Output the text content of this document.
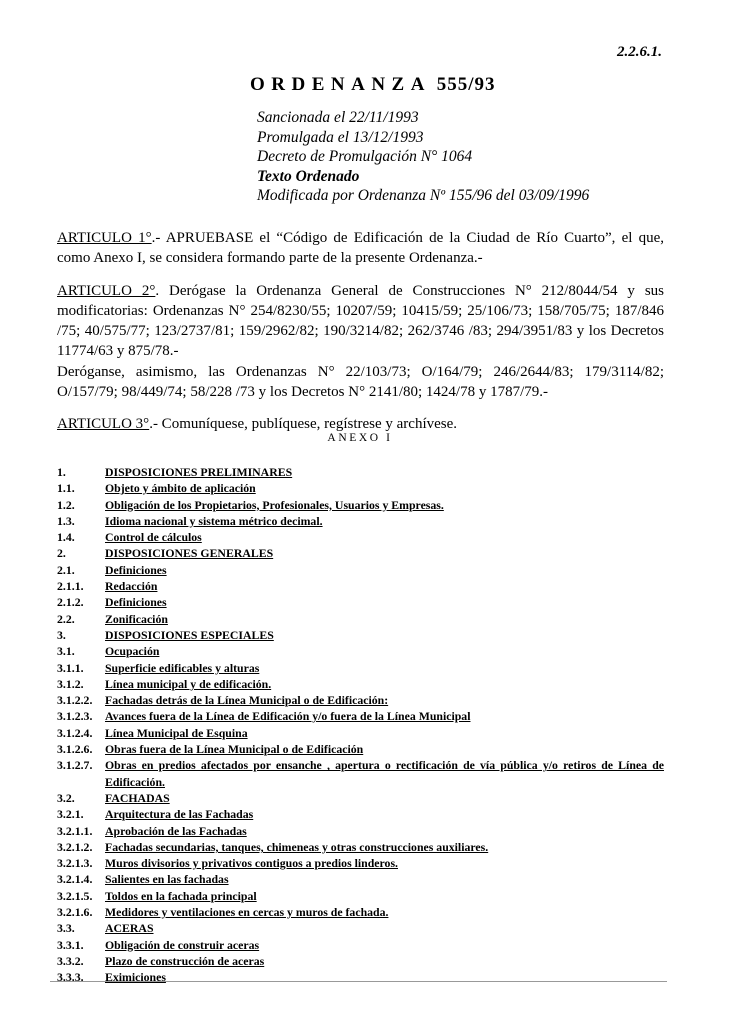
2.2.6.1.
ORDENANZA 555/93
Sancionada el 22/11/1993
Promulgada el 13/12/1993
Decreto de Promulgación N° 1064
Texto Ordenado
Modificada por Ordenanza Nº 155/96 del 03/09/1996

ARTICULO 1°.- APRUEBASE el “Código de Edificación de la Ciudad de Río Cuarto”, el que, como Anexo I, se considera formando parte de la presente Ordenanza.-

ARTICULO 2°. Derógase la Ordenanza General de Construcciones N° 212/8044/54 y sus modificatorias: Ordenanzas N° 254/8230/55; 10207/59; 10415/59; 25/106/73; 158/705/75; 187/846 /75; 40/575/77; 123/2737/81; 159/2962/82; 190/3214/82; 262/3746 /83; 294/3951/83 y los Decretos 11774/63 y 875/78.-

Deróganse, asimismo, las Ordenanzas N° 22/103/73; O/164/79; 246/2644/83; 179/3114/82; O/157/79; 98/449/74; 58/228 /73 y los Decretos N° 2141/80; 1424/78 y 1787/79.-

ARTICULO 3°.- Comuníquese, publíquese, regístrese y archívese.

ANEXO I
1.	DISPOSICIONES PRELIMINARES
1.1.	Objeto y ámbito de aplicación
1.2.	Obligación de los Propietarios, Profesionales, Usuarios y Empresas.
1.3.	Idioma nacional y sistema métrico decimal.
1.4.	Control de cálculos
2.	DISPOSICIONES GENERALES
2.1.	Definiciones
2.1.1.	Redacción
2.1.2.	Definiciones
2.2.	Zonificación
3.	DISPOSICIONES ESPECIALES
3.1.	Ocupación
3.1.1.	Superficie edificables y alturas
3.1.2.	Línea municipal y de edificación.
3.1.2.2.	Fachadas detrás de la Línea Municipal o de Edificación:
3.1.2.3.	Avances fuera de la Línea de Edificación y/o fuera de la Línea Municipal
3.1.2.4.	Línea Municipal de Esquina
3.1.2.6.	Obras fuera de la Línea Municipal o de Edificación
3.1.2.7.	Obras en predios afectados por ensanche , apertura o rectificación de vía pública y/o retiros de Línea de Edificación.
3.2.	FACHADAS
3.2.1.	Arquitectura de las Fachadas
3.2.1.1.	Aprobación de las Fachadas
3.2.1.2.	Fachadas secundarias, tanques, chimeneas y otras construcciones auxiliares.
3.2.1.3.	Muros divisorios y privativos contiguos a predios linderos.
3.2.1.4.	Salientes en las fachadas
3.2.1.5.	Toldos en la fachada principal
3.2.1.6.	Medidores y ventilaciones en cercas y muros de fachada.
3.3.	ACERAS
3.3.1.	Obligación de construir aceras
3.3.2.	Plazo de construcción de aceras
3.3.3.	Eximiciones
